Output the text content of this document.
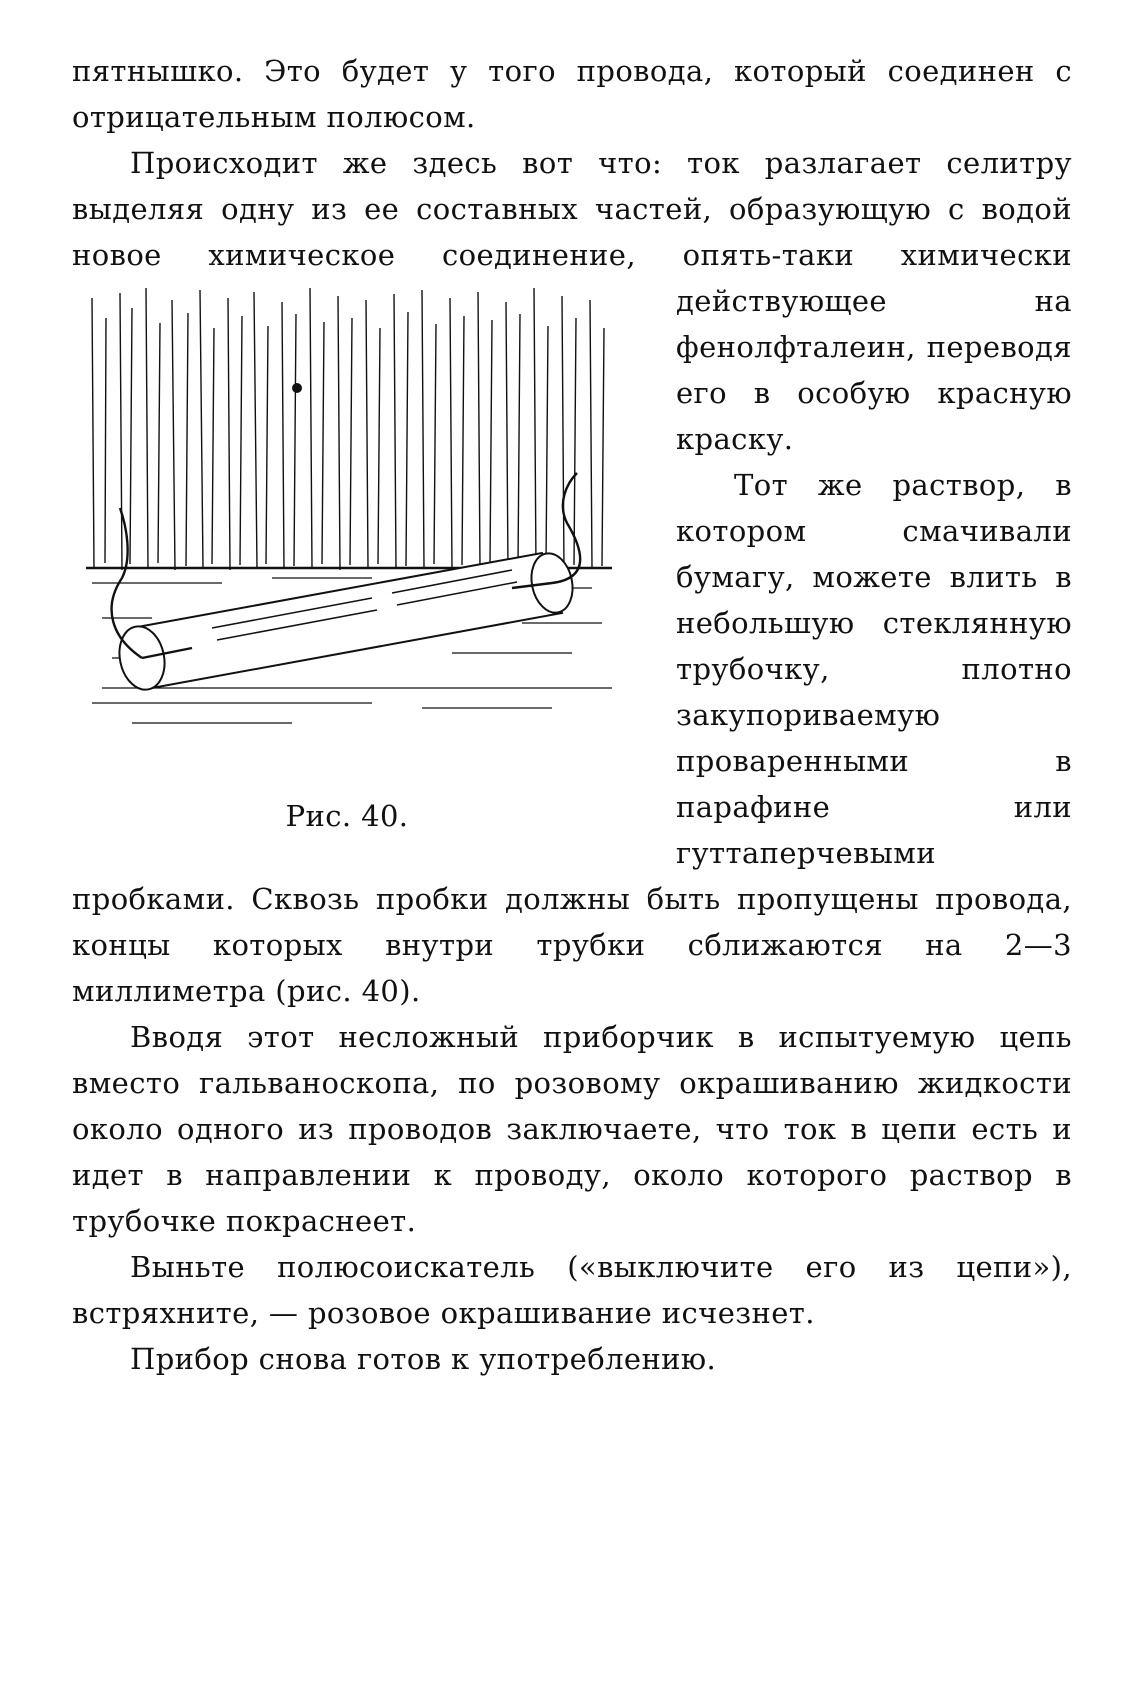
пятнышко. Это будет у того провода, который соединен с отрицательным полюсом.

Происходит же здесь вот что: ток разлагает селитру выделяя одну из ее составных частей, образующую с водой новое химическое соединение, опять-таки химически

Рис. 40.

действующее на фенолфталеин, переводя его в особую красную краску.

Тот же раствор, в котором смачивали бумагу, можете влить в небольшую стеклянную трубочку, плотно закупориваемую проваренными в парафине или гуттаперчевыми пробками. Сквозь пробки должны быть пропущены провода, концы которых внутри трубки сближаются на 2—3 миллиметра (рис. 40).

Вводя этот несложный приборчик в испытуемую цепь вместо гальваноскопа, по розовому окрашиванию жидкости около одного из проводов заключаете, что ток в цепи есть и идет в направлении к проводу, около которого раствор в трубочке покраснеет.

Выньте полюсоискатель («выключите его из цепи»), встряхните, — розовое окрашивание исчезнет.

Прибор снова готов к употреблению.
